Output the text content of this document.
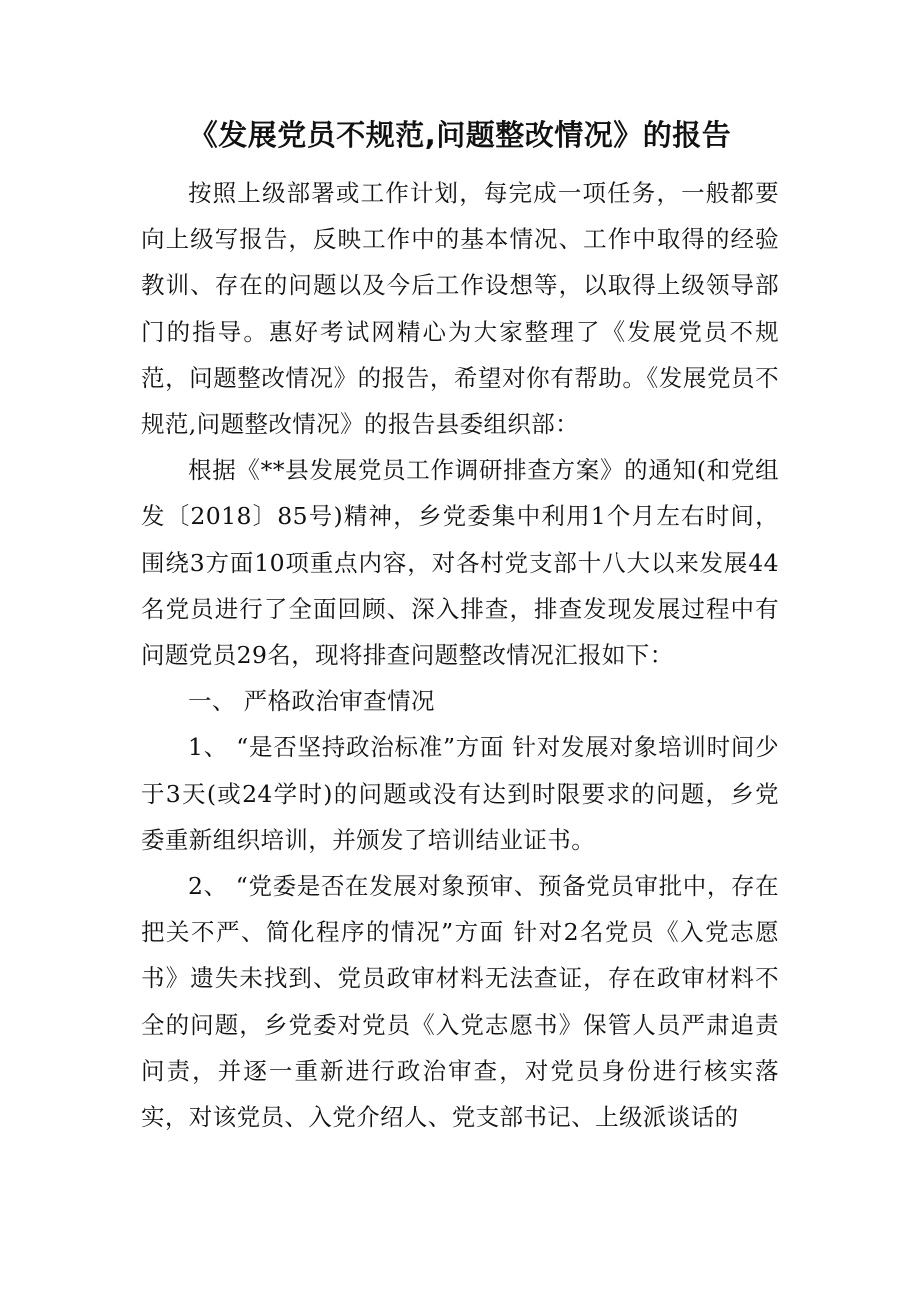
《发展党员不规范,问题整改情况》的报告

按照上级部署或工作计划，每完成一项任务，一般都要向上级写报告，反映工作中的基本情况、工作中取得的经验教训、存在的问题以及今后工作设想等，以取得上级领导部门的指导。惠好考试网精心为大家整理了《发展党员不规范，问题整改情况》的报告，希望对你有帮助。《发展党员不规范,问题整改情况》的报告县委组织部：

根据《**县发展党员工作调研排查方案》的通知(和党组发〔2018〕85号)精神，乡党委集中利用1个月左右时间，围绕3方面10项重点内容，对各村党支部十八大以来发展44名党员进行了全面回顾、深入排查，排查发现发展过程中有问题党员29名，现将排查问题整改情况汇报如下：

一、 严格政治审查情况

1、 “是否坚持政治标准”方面 针对发展对象培训时间少于3天(或24学时)的问题或没有达到时限要求的问题，乡党委重新组织培训，并颁发了培训结业证书。

2、 “党委是否在发展对象预审、预备党员审批中，存在把关不严、简化程序的情况”方面 针对2名党员《入党志愿书》遗失未找到、党员政审材料无法查证，存在政审材料不全的问题，乡党委对党员《入党志愿书》保管人员严肃追责问责，并逐一重新进行政治审查，对党员身份进行核实落实，对该党员、入党介绍人、党支部书记、上级派谈话的
